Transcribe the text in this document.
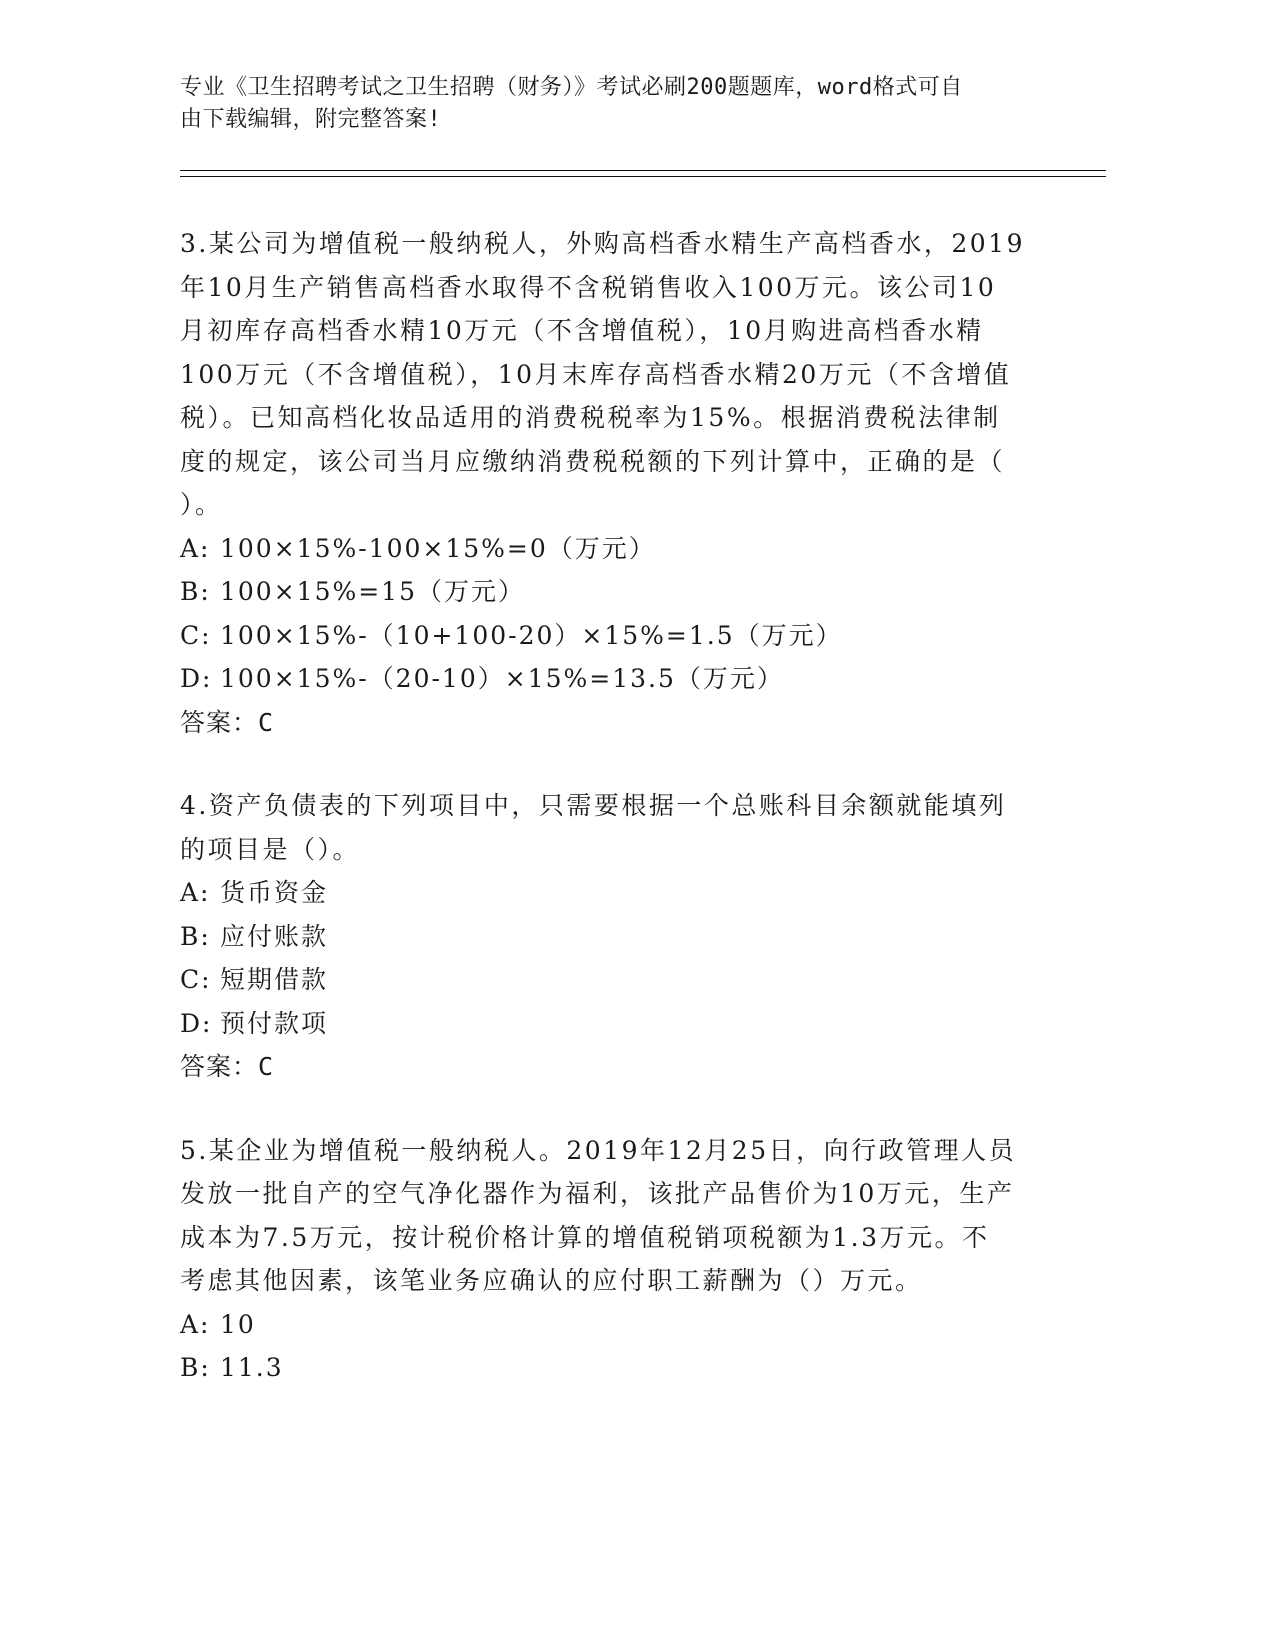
专业《卫生招聘考试之卫生招聘（财务）》考试必刷200题题库，word格式可自
由下载编辑，附完整答案!
3.某公司为增值税一般纳税人，外购高档香水精生产高档香水，2019
年10月生产销售高档香水取得不含税销售收入100万元。该公司10
月初库存高档香水精10万元（不含增值税），10月购进高档香水精
100万元（不含增值税），10月末库存高档香水精20万元（不含增值
税）。已知高档化妆品适用的消费税税率为15%。根据消费税法律制
度的规定，该公司当月应缴纳消费税税额的下列计算中，正确的是（
）。
A: 100×15%-100×15%=0（万元）
B: 100×15%=15（万元）
C: 100×15%-（10+100-20）×15%=1.5（万元）
D: 100×15%-（20-10）×15%=13.5（万元）
答案：C
4.资产负债表的下列项目中，只需要根据一个总账科目余额就能填列
的项目是（）。
A: 货币资金
B: 应付账款
C: 短期借款
D: 预付款项
答案：C
5.某企业为增值税一般纳税人。2019年12月25日，向行政管理人员
发放一批自产的空气净化器作为福利，该批产品售价为10万元，生产
成本为7.5万元，按计税价格计算的增值税销项税额为1.3万元。不
考虑其他因素，该笔业务应确认的应付职工薪酬为（）万元。
A: 10
B: 11.3
